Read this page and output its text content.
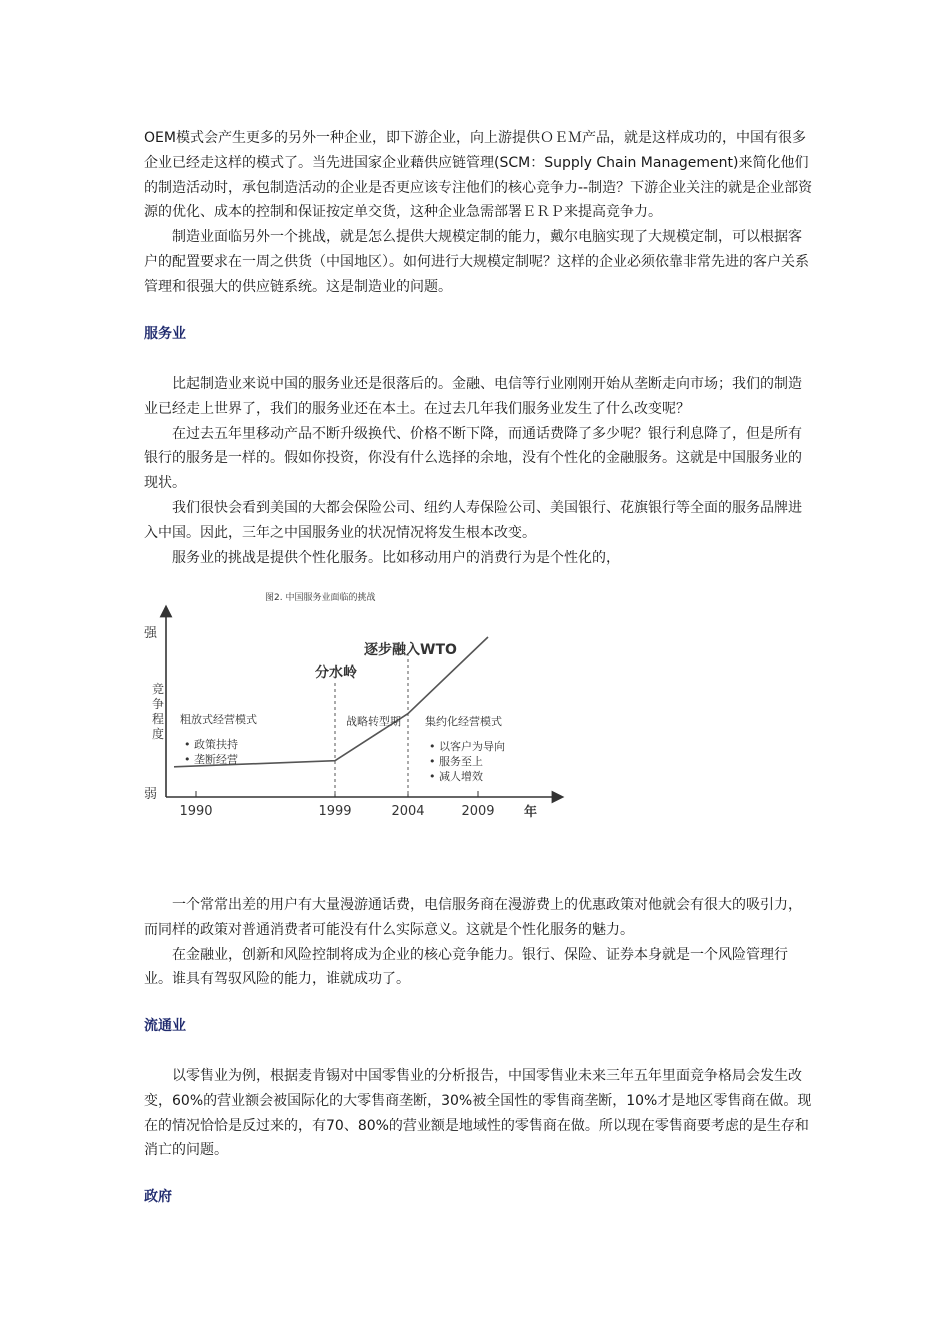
OEM模式会产生更多的另外一种企业，即下游企业，向上游提供ＯＥＭ产品，就是这样成功的，中国有很多企业已经走这样的模式了。当先进国家企业藉供应链管理(SCM：Supply Chain Management)来简化他们的制造活动时，承包制造活动的企业是否更应该专注他们的核心竞争力--制造？下游企业关注的就是企业部资源的优化、成本的控制和保证按定单交货，这种企业急需部署ＥＲＰ来提高竞争力。

制造业面临另外一个挑战，就是怎么提供大规模定制的能力，戴尔电脑实现了大规模定制，可以根据客户的配置要求在一周之供货（中国地区）。如何进行大规模定制呢？这样的企业必须依靠非常先进的客户关系管理和很强大的供应链系统。这是制造业的问题。

服务业

比起制造业来说中国的服务业还是很落后的。金融、电信等行业刚刚开始从垄断走向市场；我们的制造业已经走上世界了，我们的服务业还在本土。在过去几年我们服务业发生了什么改变呢？

在过去五年里移动产品不断升级换代、价格不断下降，而通话费降了多少呢？银行利息降了，但是所有银行的服务是一样的。假如你投资，你没有什么选择的余地，没有个性化的金融服务。这就是中国服务业的现状。

我们很快会看到美国的大都会保险公司、纽约人寿保险公司、美国银行、花旗银行等全面的服务品牌进入中国。因此，三年之中国服务业的状况情况将发生根本改变。

服务业的挑战是提供个性化服务。比如移动用户的消费行为是个性化的，

图2. 中国服务业面临的挑战
强
弱
竞争程度
年
1990	1999	2004	2009
分水岭
逐步融入WTO
粗放式经营模式
• 政策扶持
• 垄断经营
战略转型期 集约化经营模式
• 以客户为导向
• 服务至上
• 减人增效

一个常常出差的用户有大量漫游通话费，电信服务商在漫游费上的优惠政策对他就会有很大的吸引力，而同样的政策对普通消费者可能没有什么实际意义。这就是个性化服务的魅力。

在金融业，创新和风险控制将成为企业的核心竞争能力。银行、保险、证券本身就是一个风险管理行业。谁具有驾驭风险的能力，谁就成功了。

流通业

以零售业为例，根据麦肯锡对中国零售业的分析报告，中国零售业未来三年五年里面竞争格局会发生改变，60%的营业额会被国际化的大零售商垄断，30%被全国性的零售商垄断，10%才是地区零售商在做。现在的情况恰恰是反过来的，有70、80%的营业额是地域性的零售商在做。所以现在零售商要考虑的是生存和消亡的问题。

政府
